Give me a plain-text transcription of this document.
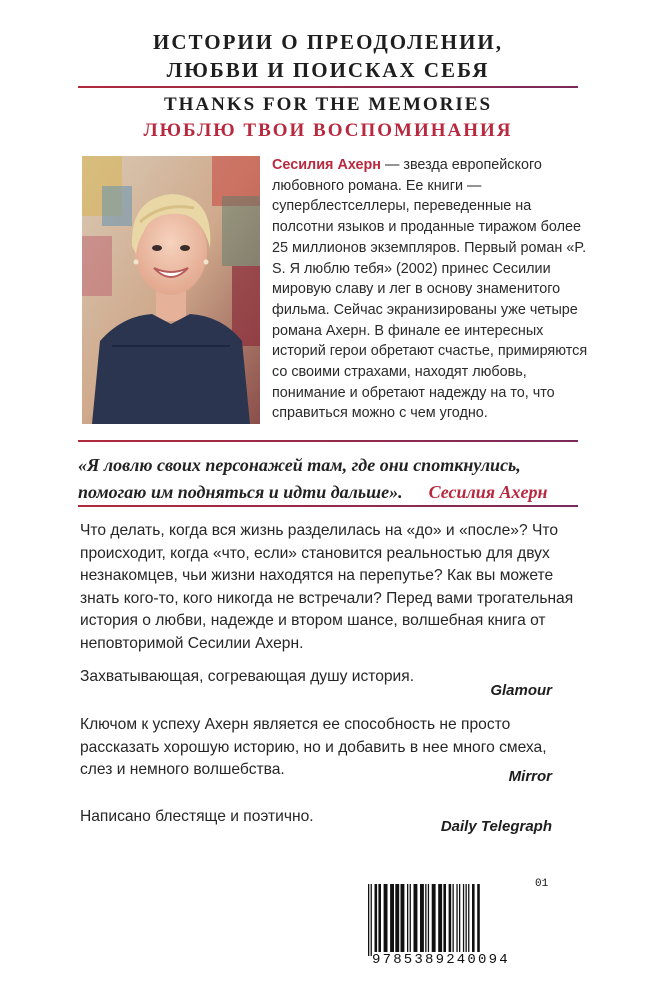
ИСТОРИИ О ПРЕОДОЛЕНИИ,
ЛЮБВИ И ПОИСКАХ СЕБЯ
THANKS FOR THE MEMORIES
ЛЮБЛЮ ТВОИ ВОСПОМИНАНИЯ
Сесилия Ахерн — звезда европейского любовного романа. Ее книги — суперблестселлеры, переведенные на полсотни языков и проданные тиражом более 25 миллионов экземпляров. Первый роман «P. S. Я люблю тебя» (2002) принес Сесилии мировую славу и лег в основу знаменитого фильма. Сейчас экранизированы уже четыре романа Ахерн. В финале ее интересных историй герои обретают счастье, примиряются со своими страхами, находят любовь, понимание и обретают надежду на то, что справиться можно с чем угодно.
«Я ловлю своих персонажей там, где они споткнулись, помогаю им подняться и идти дальше». Сесилия Ахерн
Что делать, когда вся жизнь разделилась на «до» и «после»? Что происходит, когда «что, если» становится реальностью для двух незнакомцев, чьи жизни находятся на перепутье? Как вы можете знать кого-то, кого никогда не встречали? Перед вами трогательная история о любви, надежде и втором шансе, волшебная книга от неповторимой Сесилии Ахерн.
Захватывающая, согревающая душу история.
Glamour
Ключом к успеху Ахерн является ее способность не просто рассказать хорошую историю, но и добавить в нее много смеха, слез и немного волшебства.	Mirror
Написано блестяще и поэтично.
Daily Telegraph
01
9785389240094
